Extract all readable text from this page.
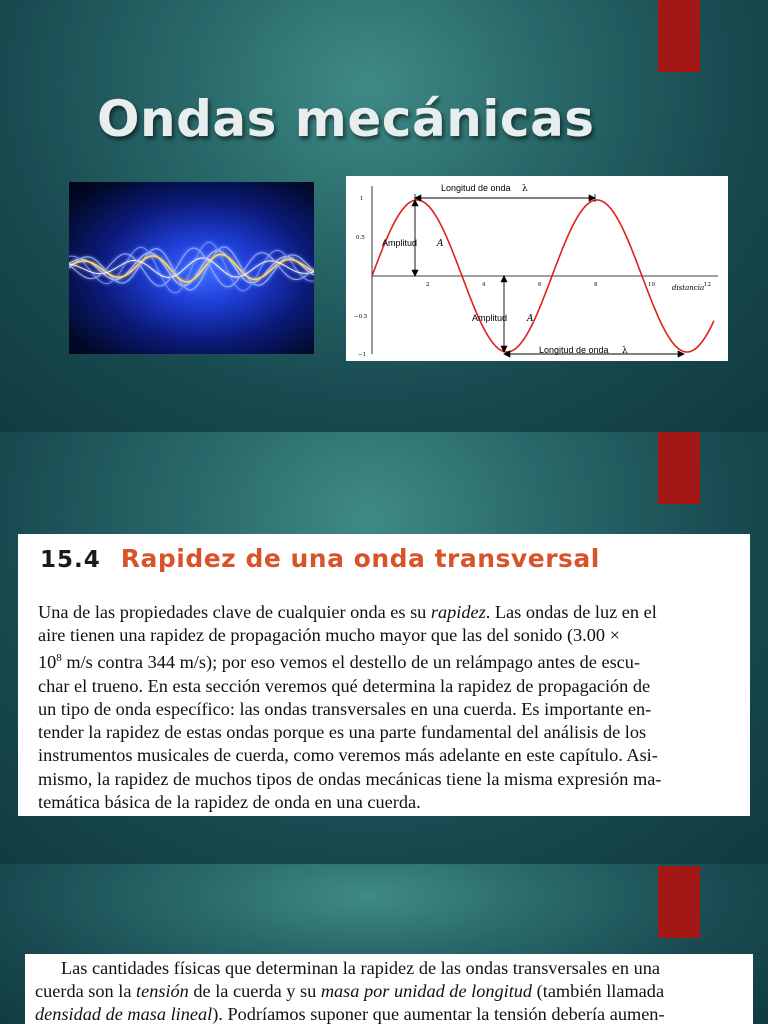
Ondas mecánicas
1
0.5
−0.5
−1
2	4	6	8	10	12
Longitud de onda λ
Amplitud A
Amplitud A
Longitud de onda λ
distancia
15.4 Rapidez de una onda transversal
Una de las propiedades clave de cualquier onda es su rapidez. Las ondas de luz en el
aire tienen una rapidez de propagación mucho mayor que las del sonido (3.00 ×
$10^8$ m/s contra 344 m/s); por eso vemos el destello de un relámpago antes de escu-
char el trueno. En esta sección veremos qué determina la rapidez de propagación de
un tipo de onda específico: las ondas transversales en una cuerda. Es importante en-
tender la rapidez de estas ondas porque es una parte fundamental del análisis de los
instrumentos musicales de cuerda, como veremos más adelante en este capítulo. Asi-
mismo, la rapidez de muchos tipos de ondas mecánicas tiene la misma expresión ma-
temática básica de la rapidez de onda en una cuerda.
Las cantidades físicas que determinan la rapidez de las ondas transversales en una
cuerda son la tensión de la cuerda y su masa por unidad de longitud (también llamada
densidad de masa lineal). Podríamos suponer que aumentar la tensión debería aumen-
